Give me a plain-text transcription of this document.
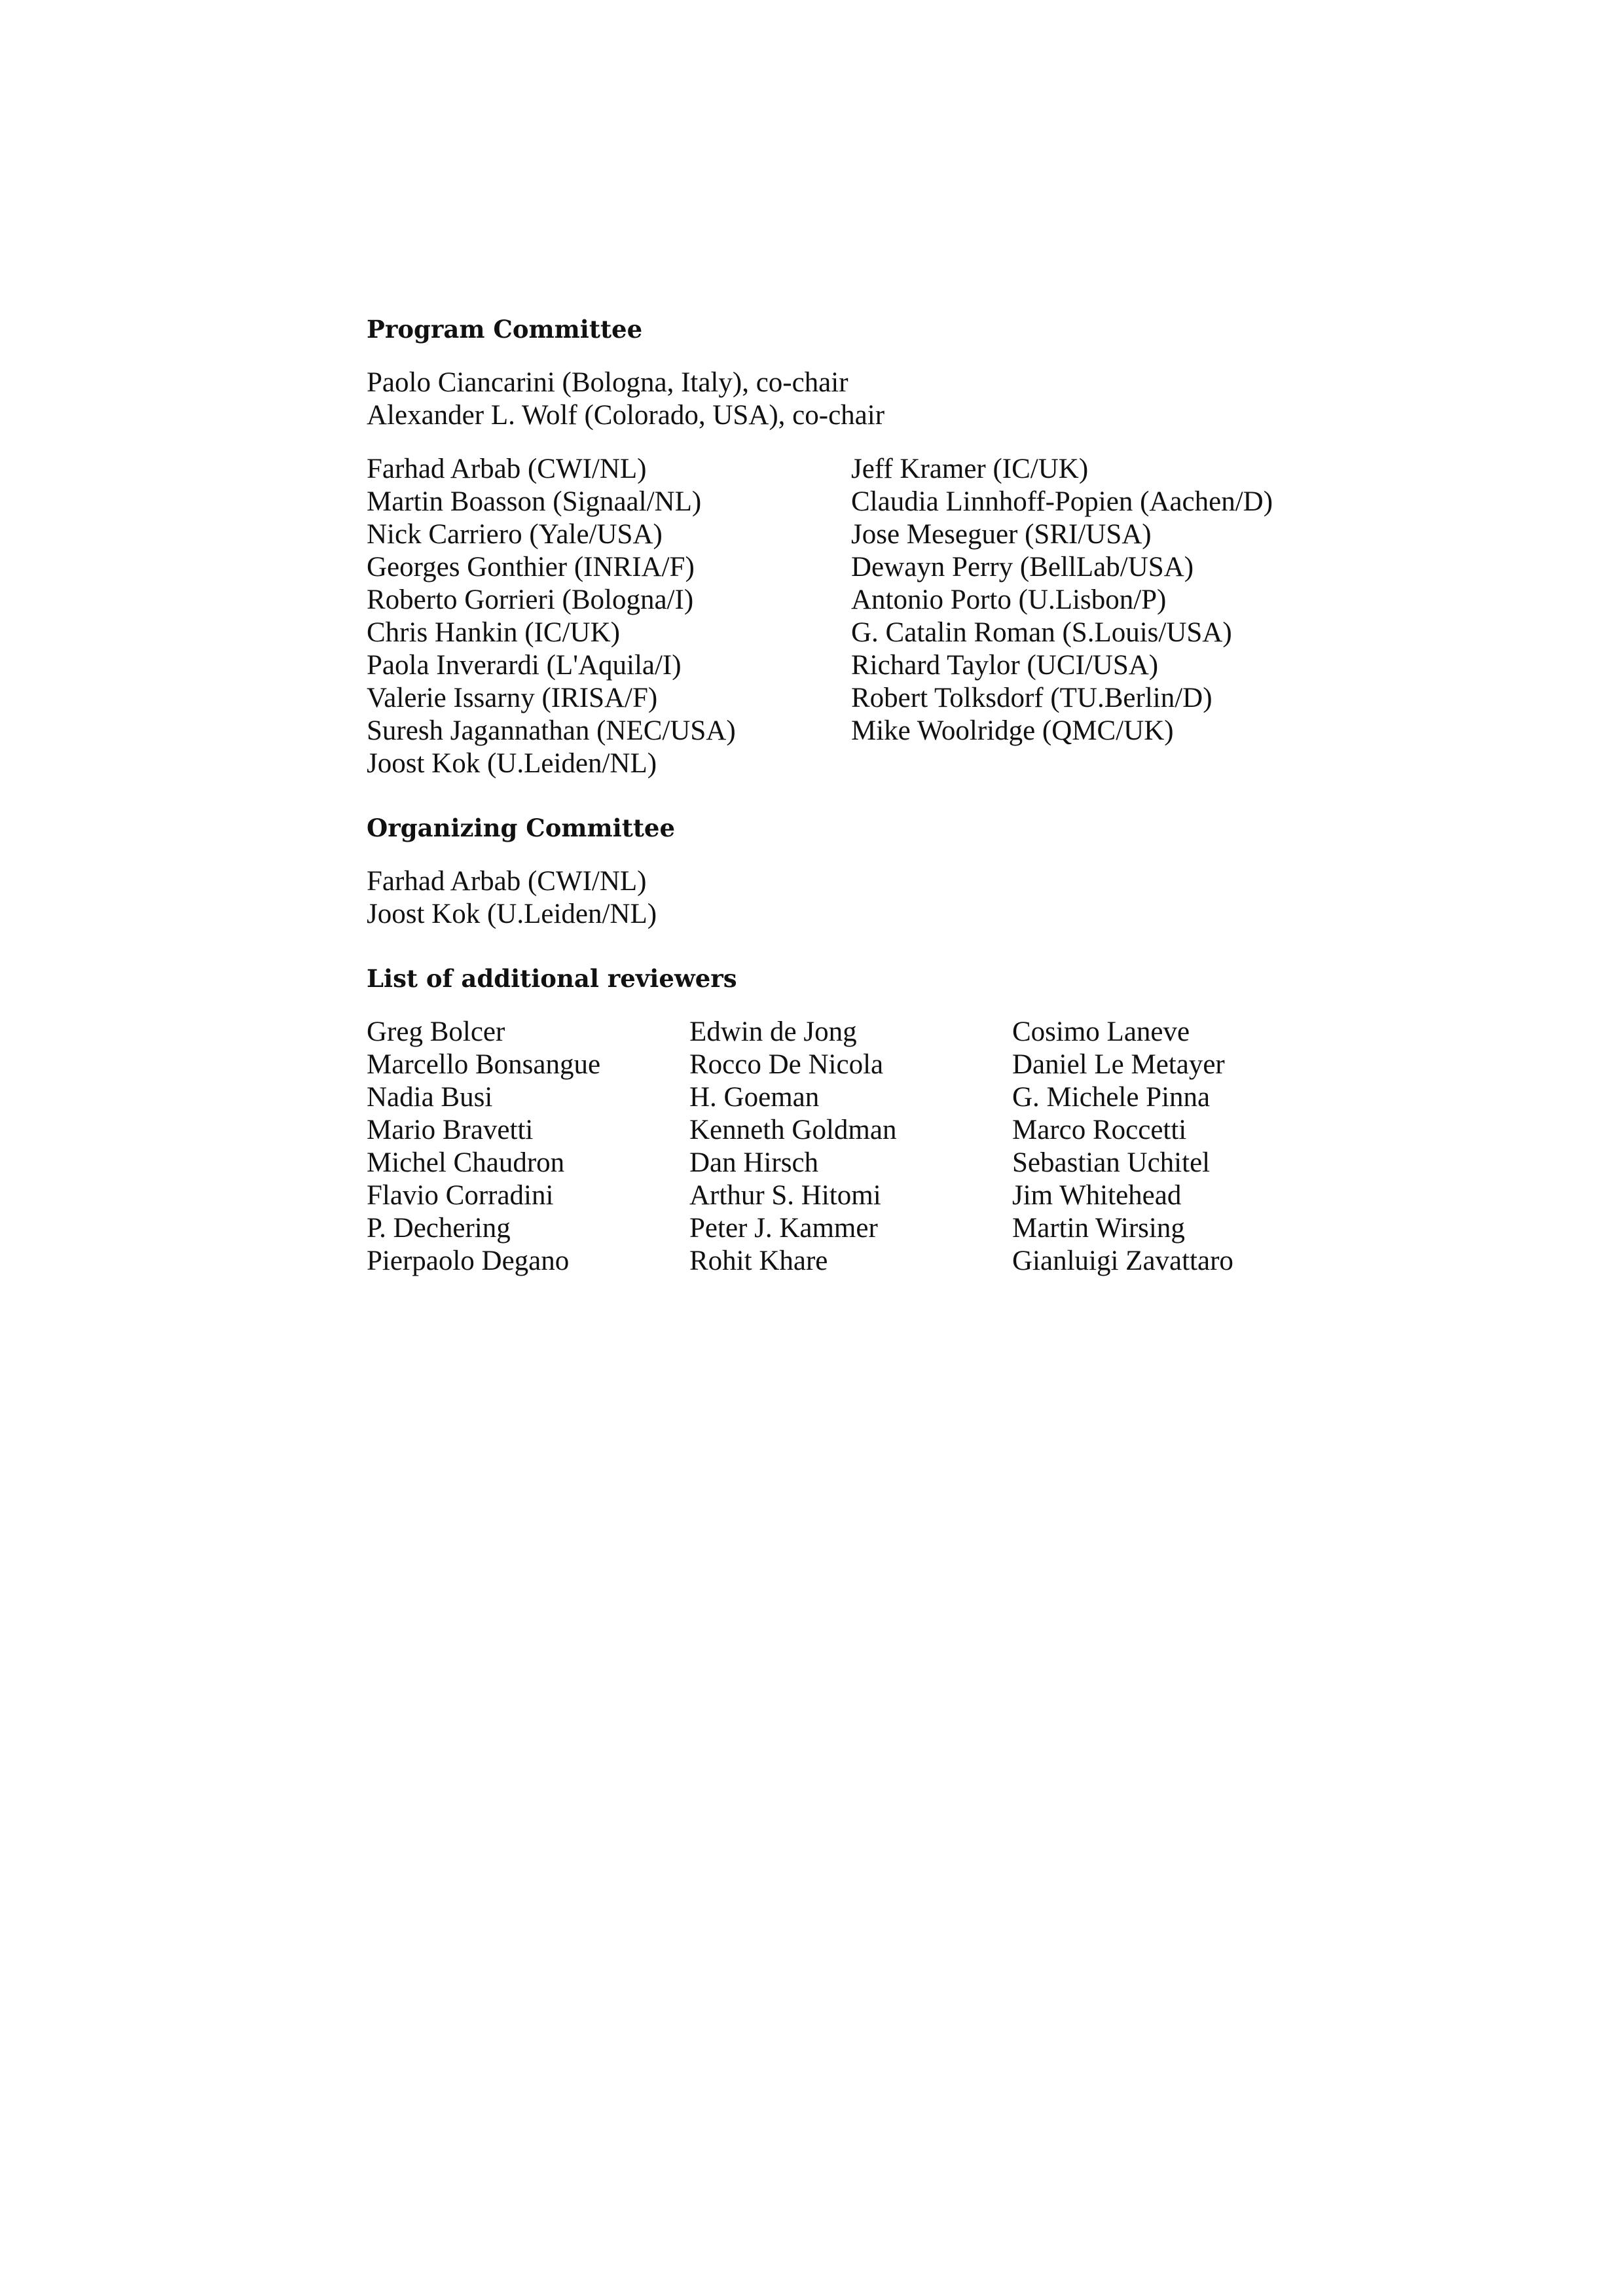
Program Committee

Paolo Ciancarini (Bologna, Italy), co-chair

Alexander L. Wolf (Colorado, USA), co-chair

Farhad Arbab (CWI/NL)

Martin Boasson (Signaal/NL)

Nick Carriero (Yale/USA)

Georges Gonthier (INRIA/F)

Roberto Gorrieri (Bologna/I)

Chris Hankin (IC/UK)

Paola Inverardi (L'Aquila/I)

Valerie Issarny (IRISA/F)

Suresh Jagannathan (NEC/USA)

Joost Kok (U.Leiden/NL)

Jeff Kramer (IC/UK)

Claudia Linnhoff-Popien (Aachen/D)

Jose Meseguer (SRI/USA)

Dewayn Perry (BellLab/USA)

Antonio Porto (U.Lisbon/P)

G. Catalin Roman (S.Louis/USA)

Richard Taylor (UCI/USA)

Robert Tolksdorf (TU.Berlin/D)

Mike Woolridge (QMC/UK)

Organizing Committee

Farhad Arbab (CWI/NL)

Joost Kok (U.Leiden/NL)

List of additional reviewers

Greg Bolcer

Marcello Bonsangue

Nadia Busi

Mario Bravetti

Michel Chaudron

Flavio Corradini

P. Dechering

Pierpaolo Degano

Edwin de Jong

Rocco De Nicola

H. Goeman

Kenneth Goldman

Dan Hirsch

Arthur S. Hitomi

Peter J. Kammer

Rohit Khare

Cosimo Laneve

Daniel Le Metayer

G. Michele Pinna

Marco Roccetti

Sebastian Uchitel

Jim Whitehead

Martin Wirsing

Gianluigi Zavattaro
